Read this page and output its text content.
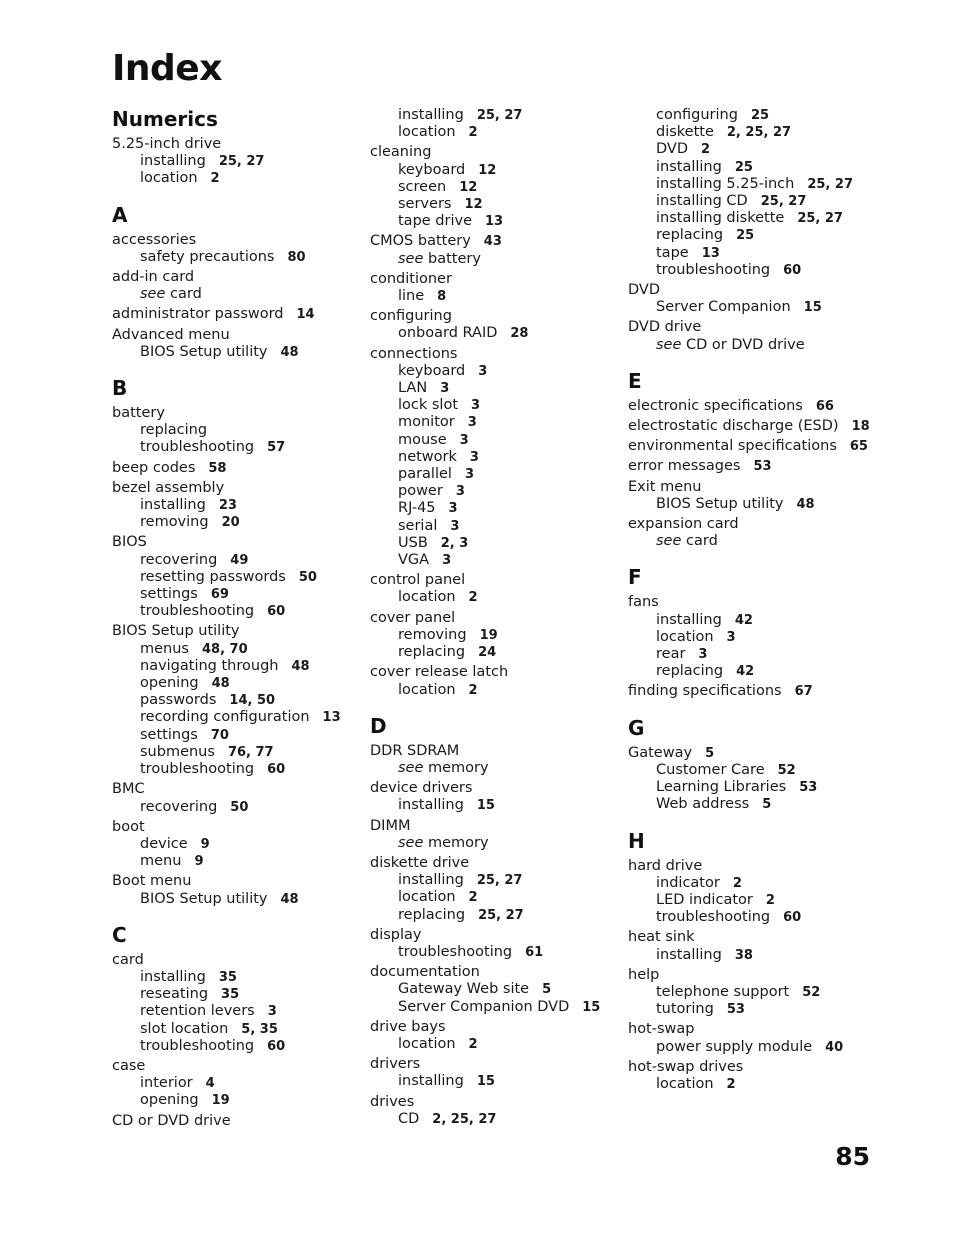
Index
Numerics
5.25-inch drive
installing 25, 27
location 2
A
accessories
safety precautions 80
add-in card
see card
administrator password 14
Advanced menu
BIOS Setup utility 48
B
battery
replacing
troubleshooting 57
beep codes 58
bezel assembly
installing 23
removing 20
BIOS
recovering 49
resetting passwords 50
settings 69
troubleshooting 60
BIOS Setup utility
menus 48, 70
navigating through 48
opening 48
passwords 14, 50
recording configuration 13
settings 70
submenus 76, 77
troubleshooting 60
BMC
recovering 50
boot
device 9
menu 9
Boot menu
BIOS Setup utility 48
C
card
installing 35
reseating 35
retention levers 3
slot location 5, 35
troubleshooting 60
case
interior 4
opening 19
CD or DVD drive
installing 25, 27
location 2
cleaning
keyboard 12
screen 12
servers 12
tape drive 13
CMOS battery 43
see battery
conditioner
line 8
configuring
onboard RAID 28
connections
keyboard 3
LAN 3
lock slot 3
monitor 3
mouse 3
network 3
parallel 3
power 3
RJ-45 3
serial 3
USB 2, 3
VGA 3
control panel
location 2
cover panel
removing 19
replacing 24
cover release latch
location 2
D
DDR SDRAM
see memory
device drivers
installing 15
DIMM
see memory
diskette drive
installing 25, 27
location 2
replacing 25, 27
display
troubleshooting 61
documentation
Gateway Web site 5
Server Companion DVD 15
drive bays
location 2
drivers
installing 15
drives
CD 2, 25, 27
configuring 25
diskette 2, 25, 27
DVD 2
installing 25
installing 5.25-inch 25, 27
installing CD 25, 27
installing diskette 25, 27
replacing 25
tape 13
troubleshooting 60
DVD
Server Companion 15
DVD drive
see CD or DVD drive
E
electronic specifications 66
electrostatic discharge (ESD) 18
environmental specifications 65
error messages 53
Exit menu
BIOS Setup utility 48
expansion card
see card
F
fans
installing 42
location 3
rear 3
replacing 42
finding specifications 67
G
Gateway 5
Customer Care 52
Learning Libraries 53
Web address 5
H
hard drive
indicator 2
LED indicator 2
troubleshooting 60
heat sink
installing 38
help
telephone support 52
tutoring 53
hot-swap
power supply module 40
hot-swap drives
location 2
85
